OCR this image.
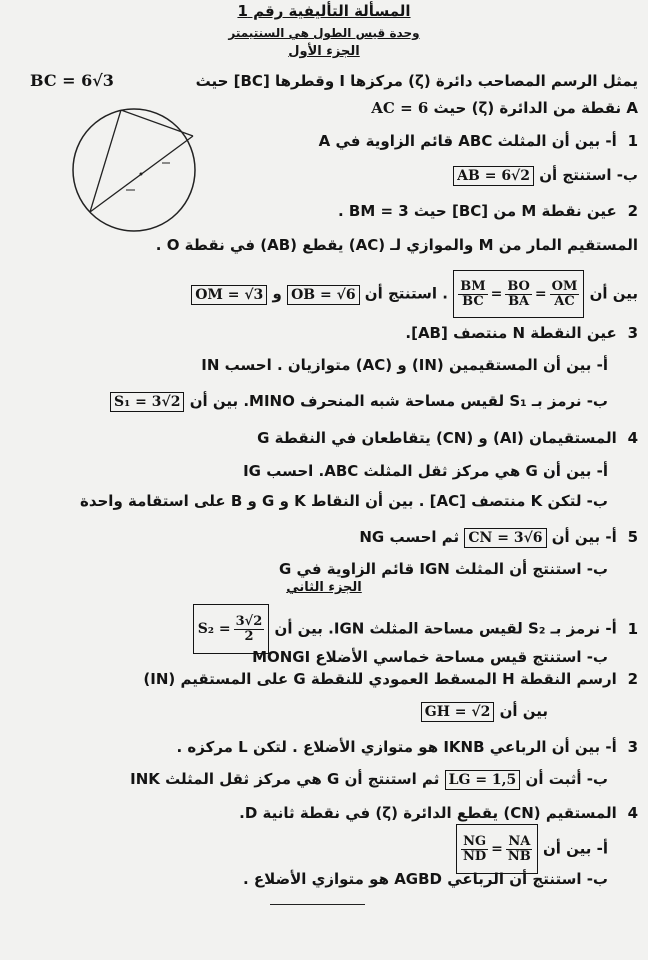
المسألة التأليفية رقم 1
وحدة قيس الطول هي السنتيمتر
الجزء الأول
يمثل الرسم المصاحب دائرة (ζ) مركزها I وقطرها [BC] حيث
BC = 6√3
A نقطة من الدائرة (ζ) حيث AC = 6
1 أ- بين أن المثلث ABC قائم الزاوية في A
ب- استنتج أن AB = 6√2
2 عين نقطة M من [BC] حيث BM = 3 .
المستقيم المار من M والموازي لـ (AC) يقطع (AB) في نقطة O .
بين أن
$\frac{BM}{BC} = \frac{BO}{BA} = \frac{OM}{AC}$
. استنتج أن OB = √6 و OM = √3
3 عين النقطة N منتصف [AB].
أ- بين أن المستقيمين (IN) و (AC) متوازيان . احسب IN
ب- نرمز بـ S₁ لقيس مساحة شبه المنحرف MINO. بين أن S₁ = 3√2
4 المستقيمان (AI) و (CN) يتقاطعان في النقطة G
أ- بين أن G هي مركز ثقل المثلث ABC. احسب IG
ب- لتكن K منتصف [AC] . بين أن النقاط K و G و B على استقامة واحدة
5 أ- بين أن CN = 3√6 ثم احسب NG
ب- استنتج أن المثلث IGN قائم الزاوية في G
الجزء الثاني
1 أ- نرمز بـ S₂ لقيس مساحة المثلث IGN. بين أن
$S_2 = \frac{3√2}{2}$
ب- استنتج قيس مساحة خماسي الأضلاع MONGI
2 ارسم النقطة H المسقط العمودي للنقطة G على المستقيم (IN)
بين أن GH = √2
3 أ- بين أن الرباعي IKNB هو متوازي الأضلاع . لتكن L مركزه .
ب- أثبت أن LG = 1,5 ثم استنتج أن G هي مركز ثقل المثلث INK
4 المستقيم (CN) يقطع الدائرة (ζ) في نقطة ثانية D.
أ- بين أن
$\frac{NG}{ND} = \frac{NA}{NB}$
ب- استنتج أن الرباعي AGBD هو متوازي الأضلاع .
